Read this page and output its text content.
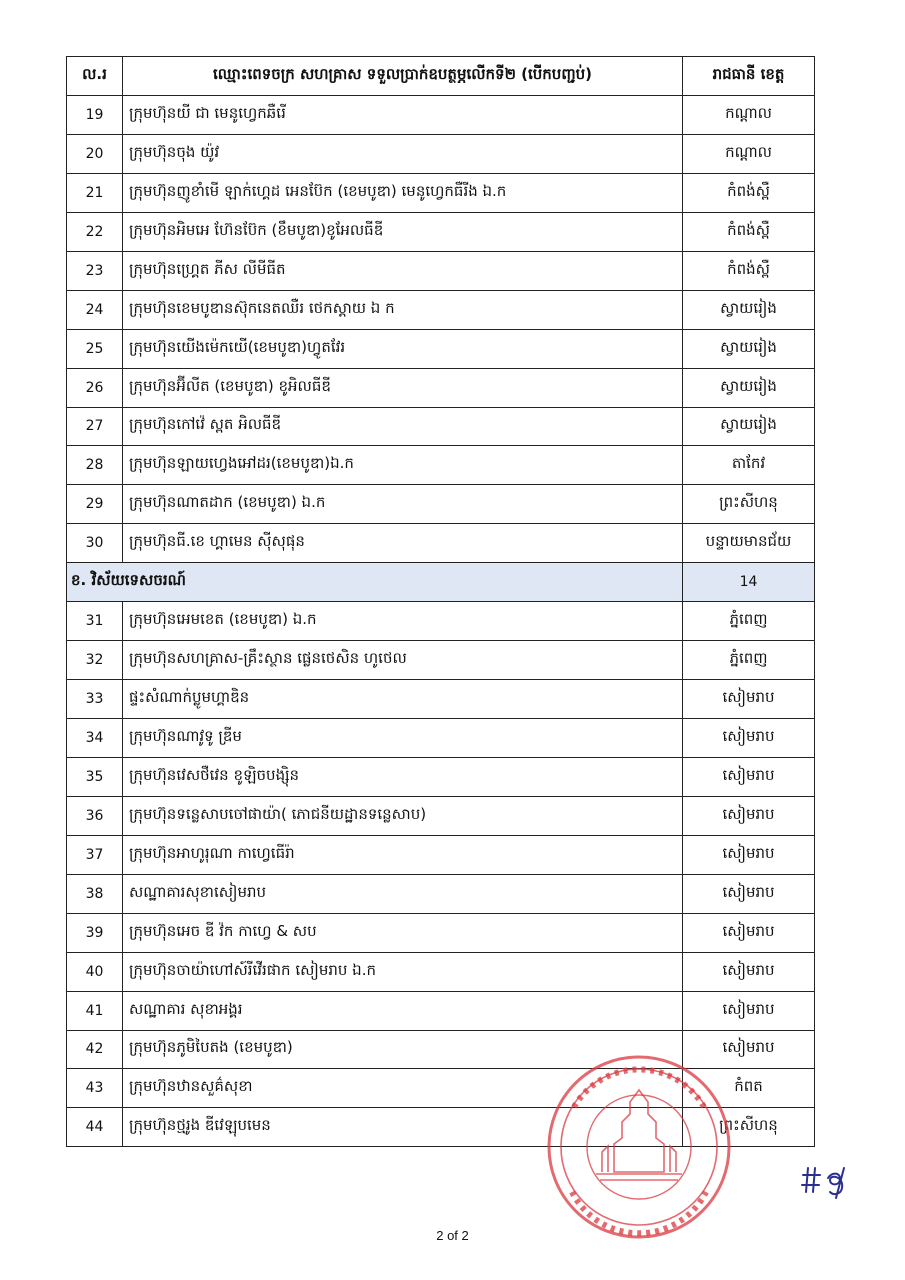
ល.រ	ឈ្មោះពេទចក្រ សហគ្រាស ទទួលប្រាក់ឧបត្ថម្ភលើកទី២ (បើកបញ្ជប់)	រាជធានី ខេត្ត
19	ក្រុមហ៊ុនយី ជា មេនូហ្វេកឆឺរើ	កណ្ដាល
20	ក្រុមហ៊ុនចុង យ៉ូវ	កណ្ដាល
21	ក្រុមហ៊ុនញូខាំមើ ឡាក់ហ្គេដ អេនប៊ែក (ខេមបូឌា) មេនូហ្វេកធឺរីង ឯ.ក	កំពង់ស្ពឺ
22	ក្រុមហ៊ុនអិមអេ ហ៊ែនប៊ែក (ខឹមបូឌា)ខូអែលធីឌី	កំពង់ស្ពឺ
23	ក្រុមហ៊ុនហ្គ្រេត ភីស លីមីធីត	កំពង់ស្ពឺ
24	ក្រុមហ៊ុនខេមបូឌានស៊ុកនេតឈឺរ ថេកស្ដាយ ឯ ក	ស្វាយរៀង
25	ក្រុមហ៊ុនយើងម៉េកយើ(ខេមបូឌា)ហ្វូតវែរ	ស្វាយរៀង
26	ក្រុមហ៊ុនអ៊ីលីត (ខេមបូឌា) ខូអិលធីឌី	ស្វាយរៀង
27	ក្រុមហ៊ុនកៅវ៉េ ស្ពត អិលធីឌី	ស្វាយរៀង
28	ក្រុមហ៊ុនឡាយហ្វេងអៅដរ(ខេមបូឌា)ឯ.ក	តាកែវ
29	ក្រុមហ៊ុនណាតដាក (ខេមបូឌា) ឯ.ក	ព្រះសីហនុ
30	ក្រុមហ៊ុនធី.ខេ ហ្គាមេន ស៊ីសុផុន	បន្ទាយមានជ័យ
ខ. វិស័យទេសចរណ៍		14
31	ក្រុមហ៊ុនអេមខេត (ខេមបូឌា) ឯ.ក	ភ្នំពេញ
32	ក្រុមហ៊ុនសហគ្រាស-គ្រឹះស្ថាន ផ្លេនថេសិន ហូថេល	ភ្នំពេញ
33	ផ្ទះសំណាក់ប្លូមហ្គាឌិន	សៀមរាប
34	ក្រុមហ៊ុនណាវូទូ ឌ្រីម	សៀមរាប
35	ក្រុមហ៊ុនវេសថឺវេន ខូឡិចបង្ស៊ិន	សៀមរាប
36	ក្រុមហ៊ុនទន្លេសាបចៅផាយ៉ា( ភោជនីយដ្ឋានទន្លេសាប)	សៀមរាប
37	ក្រុមហ៊ុនអាហូរុណា កាហ្វេធើរ៉ា	សៀមរាប
38	សណ្ឋាគារសុខាសៀមរាប	សៀមរាប
39	ក្រុមហ៊ុនអេច ឌី វ៉ក កាហ្វេ & សប	សៀមរាប
40	ក្រុមហ៊ុនចាយ៉ាហៅស៍រីវើរផាក សៀមរាប ឯ.ក	សៀមរាប
41	សណ្ឋាគារ សុខាអង្គរ	សៀមរាប
42	ក្រុមហ៊ុនភូមិបៃតង (ខេមបូឌា)	សៀមរាប
43	ក្រុមហ៊ុនឋានសួគ៌សុខា	កំពត
44	ក្រុមហ៊ុនថ្មរូង ឌីវេឡុបមេន	ព្រះសីហនុ
2 of 2
